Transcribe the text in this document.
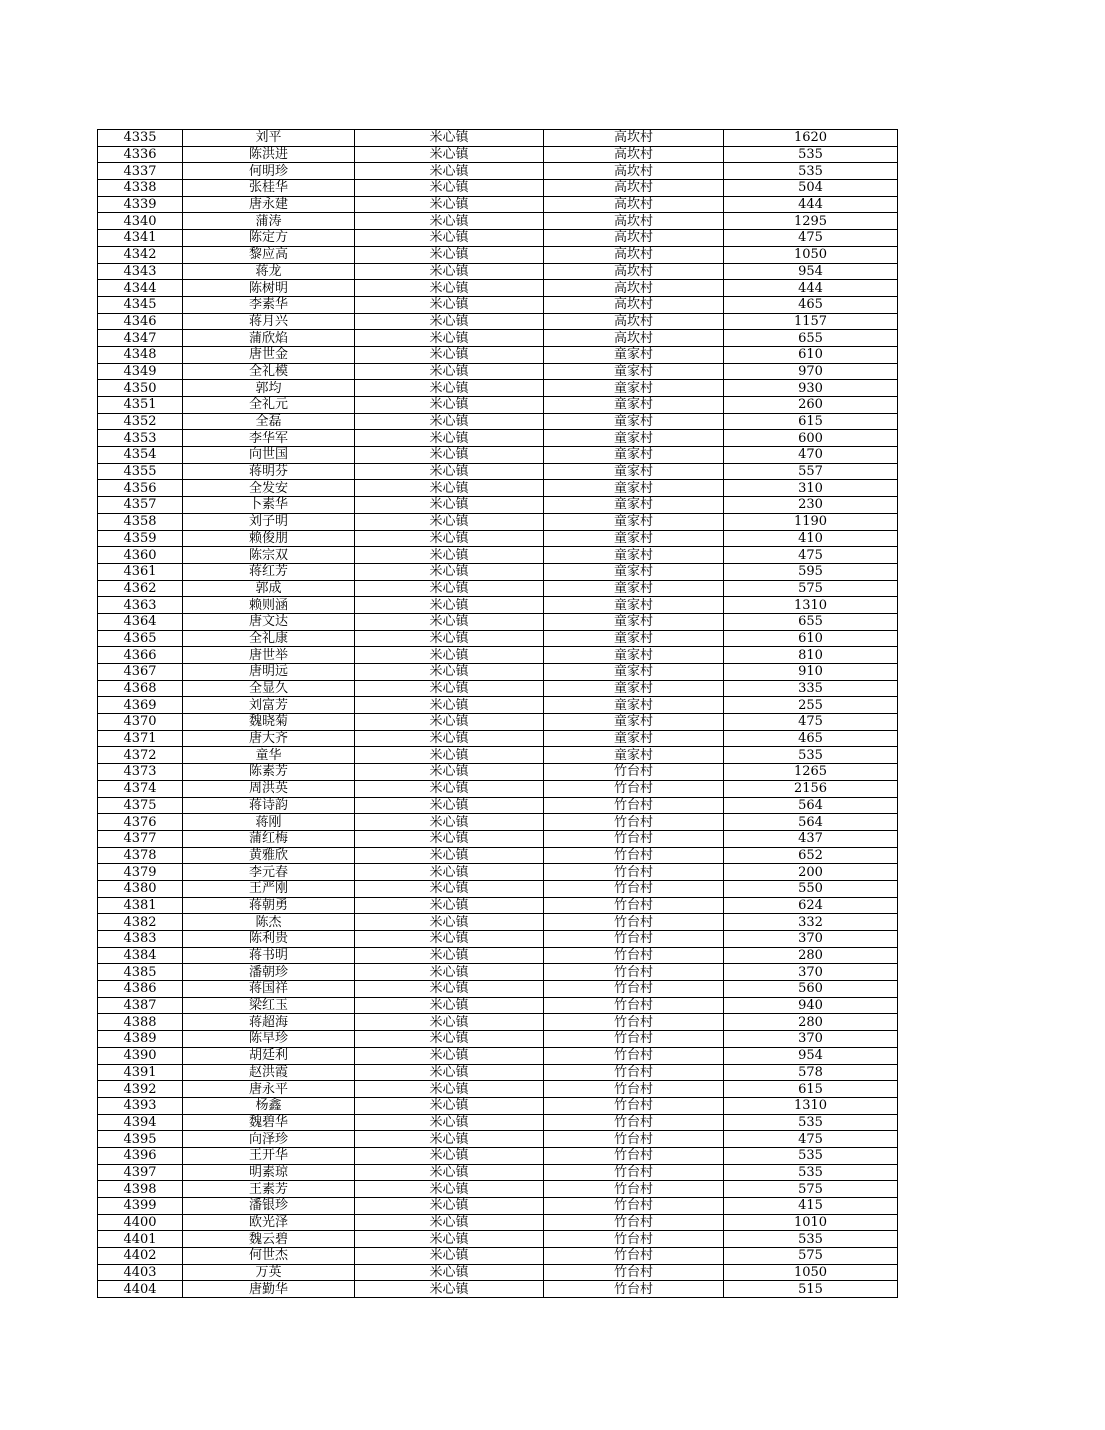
4335	刘平	米心镇	高坎村	1620
4336	陈洪进	米心镇	高坎村	535
4337	何明珍	米心镇	高坎村	535
4338	张桂华	米心镇	高坎村	504
4339	唐永建	米心镇	高坎村	444
4340	蒲涛	米心镇	高坎村	1295
4341	陈定方	米心镇	高坎村	475
4342	黎应高	米心镇	高坎村	1050
4343	蒋龙	米心镇	高坎村	954
4344	陈树明	米心镇	高坎村	444
4345	李素华	米心镇	高坎村	465
4346	蒋月兴	米心镇	高坎村	1157
4347	蒲欣焰	米心镇	高坎村	655
4348	唐世金	米心镇	童家村	610
4349	全礼模	米心镇	童家村	970
4350	郭均	米心镇	童家村	930
4351	全礼元	米心镇	童家村	260
4352	全磊	米心镇	童家村	615
4353	李华军	米心镇	童家村	600
4354	向世国	米心镇	童家村	470
4355	蒋明芬	米心镇	童家村	557
4356	全发安	米心镇	童家村	310
4357	卜素华	米心镇	童家村	230
4358	刘子明	米心镇	童家村	1190
4359	赖俊朋	米心镇	童家村	410
4360	陈宗双	米心镇	童家村	475
4361	蒋红芳	米心镇	童家村	595
4362	郭成	米心镇	童家村	575
4363	赖则涵	米心镇	童家村	1310
4364	唐文达	米心镇	童家村	655
4365	全礼康	米心镇	童家村	610
4366	唐世举	米心镇	童家村	810
4367	唐明远	米心镇	童家村	910
4368	全显久	米心镇	童家村	335
4369	刘富芳	米心镇	童家村	255
4370	魏晓菊	米心镇	童家村	475
4371	唐大齐	米心镇	童家村	465
4372	童华	米心镇	童家村	535
4373	陈素芳	米心镇	竹台村	1265
4374	周洪英	米心镇	竹台村	2156
4375	蒋诗韵	米心镇	竹台村	564
4376	蒋刚	米心镇	竹台村	564
4377	蒲红梅	米心镇	竹台村	437
4378	黄雅欣	米心镇	竹台村	652
4379	李元春	米心镇	竹台村	200
4380	王严刚	米心镇	竹台村	550
4381	蒋朝勇	米心镇	竹台村	624
4382	陈杰	米心镇	竹台村	332
4383	陈利贵	米心镇	竹台村	370
4384	蒋书明	米心镇	竹台村	280
4385	潘朝珍	米心镇	竹台村	370
4386	蒋国祥	米心镇	竹台村	560
4387	梁红玉	米心镇	竹台村	940
4388	蒋超海	米心镇	竹台村	280
4389	陈早珍	米心镇	竹台村	370
4390	胡廷利	米心镇	竹台村	954
4391	赵洪霞	米心镇	竹台村	578
4392	唐永平	米心镇	竹台村	615
4393	杨鑫	米心镇	竹台村	1310
4394	魏碧华	米心镇	竹台村	535
4395	向泽珍	米心镇	竹台村	475
4396	王开华	米心镇	竹台村	535
4397	明素琼	米心镇	竹台村	535
4398	王素芳	米心镇	竹台村	575
4399	潘银珍	米心镇	竹台村	415
4400	欧光泽	米心镇	竹台村	1010
4401	魏云碧	米心镇	竹台村	535
4402	何世杰	米心镇	竹台村	575
4403	万英	米心镇	竹台村	1050
4404	唐勤华	米心镇	竹台村	515
